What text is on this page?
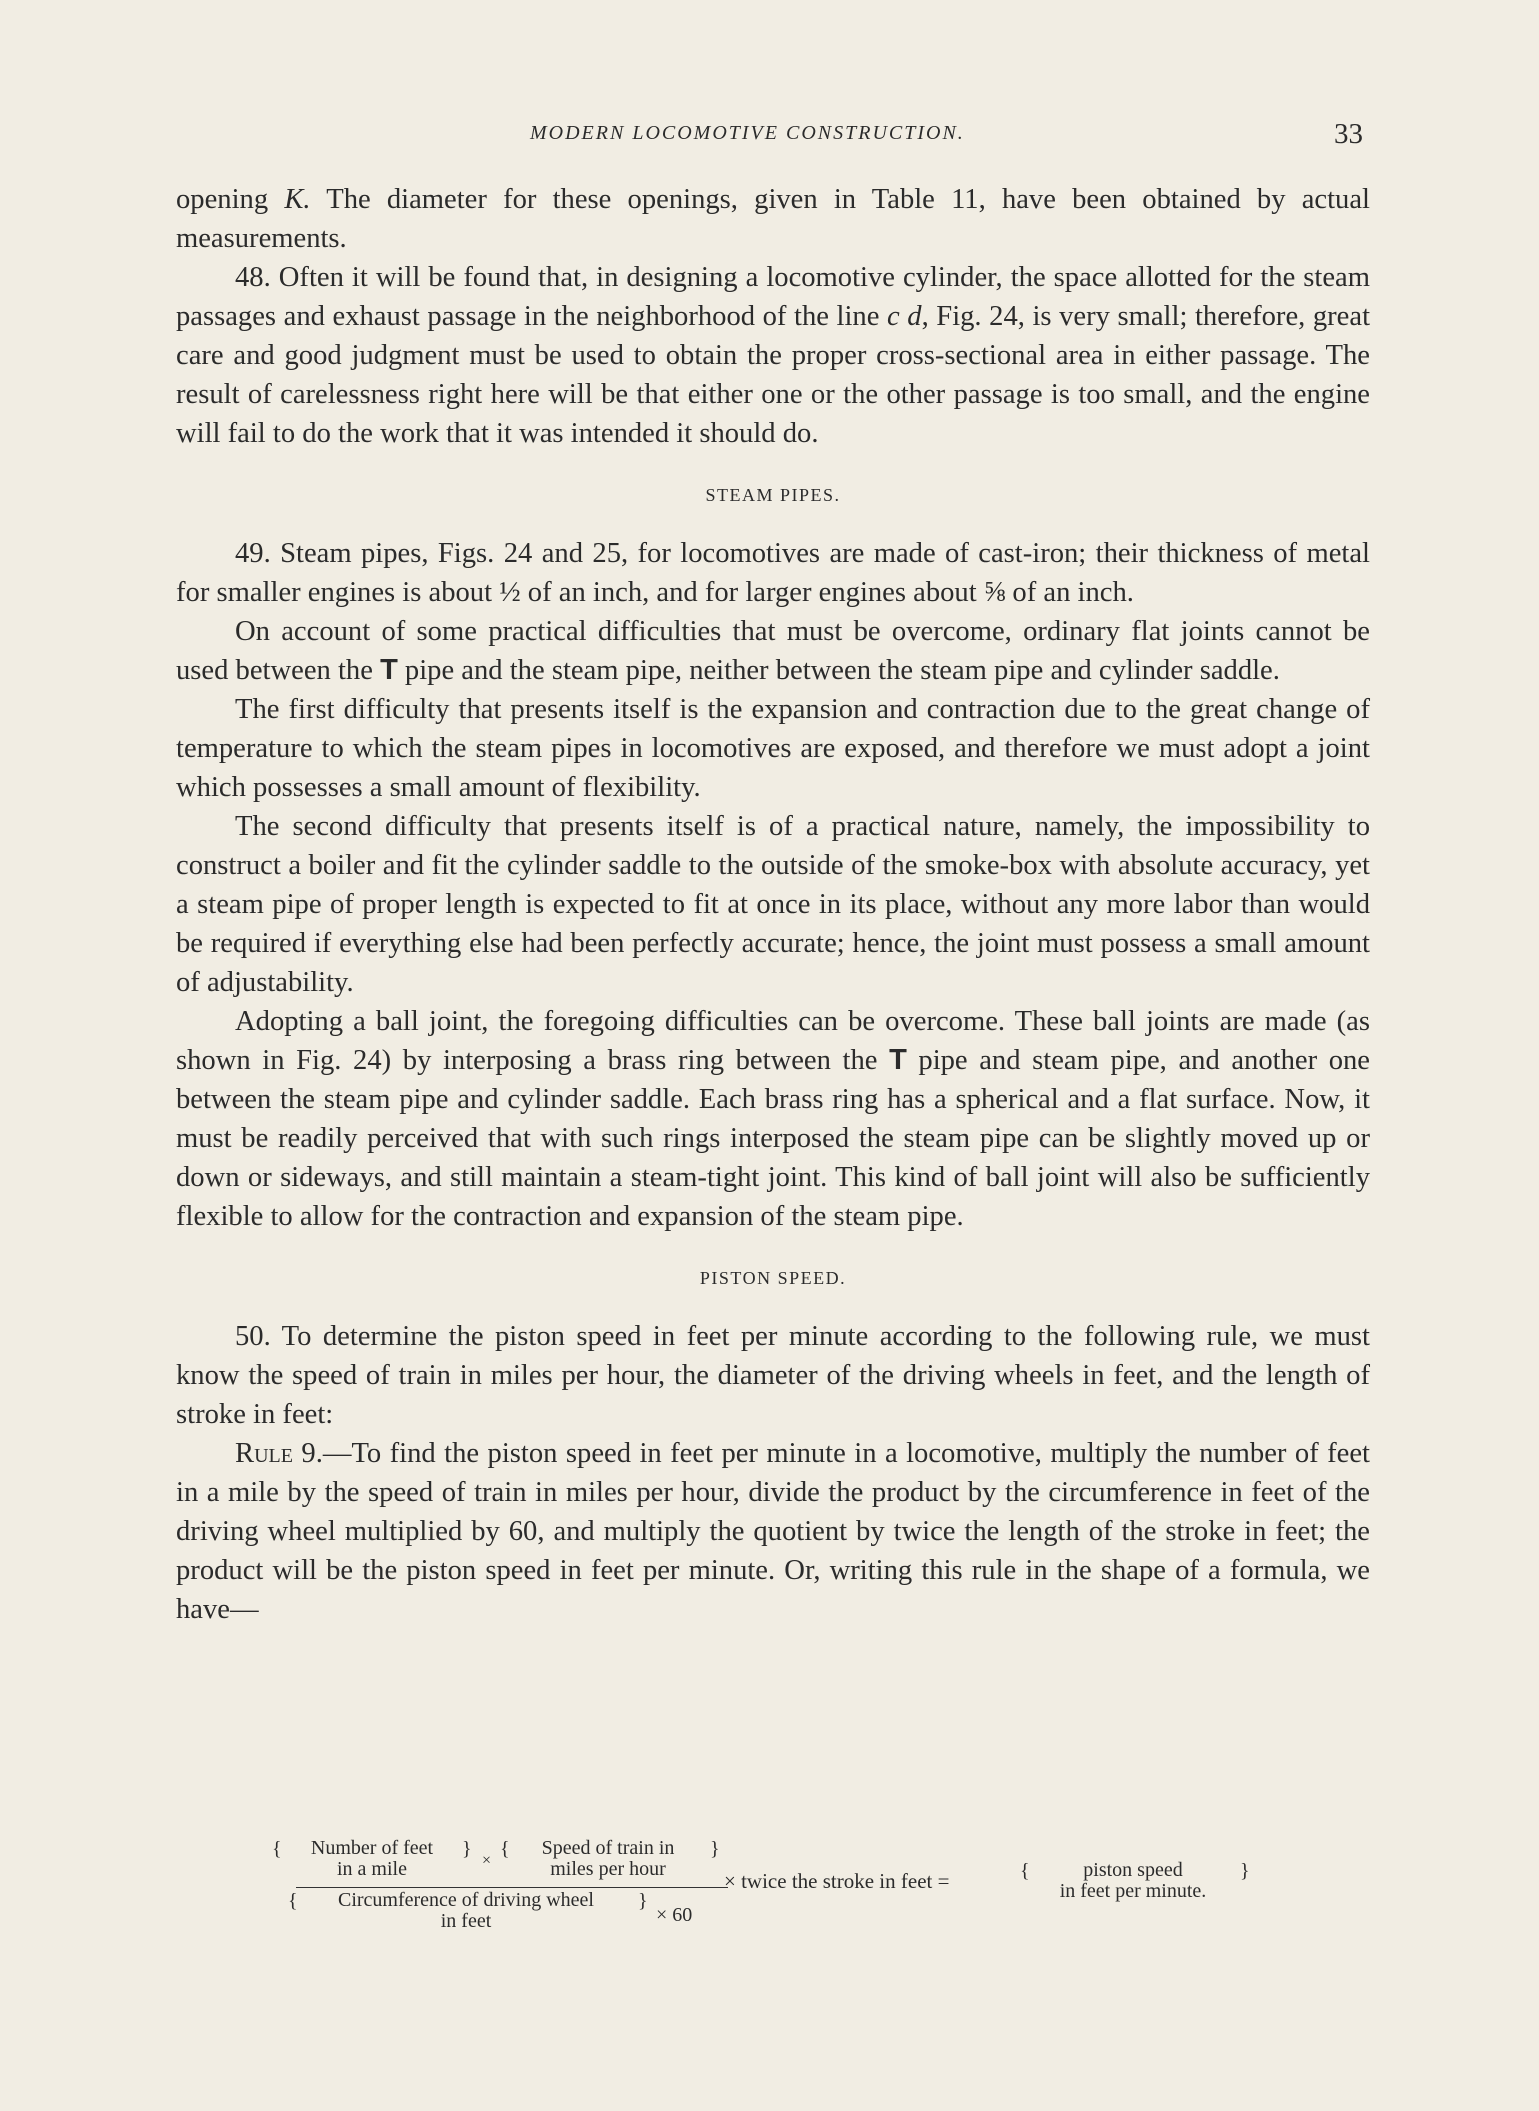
MODERN LOCOMOTIVE CONSTRUCTION.	33

opening K. The diameter for these openings, given in Table 11, have been obtained by actual measurements.

48. Often it will be found that, in designing a locomotive cylinder, the space allotted for the steam passages and exhaust passage in the neighborhood of the line c d, Fig. 24, is very small; therefore, great care and good judgment must be used to obtain the proper cross-sectional area in either passage. The result of carelessness right here will be that either one or the other passage is too small, and the engine will fail to do the work that it was intended it should do.

STEAM PIPES.

49. Steam pipes, Figs. 24 and 25, for locomotives are made of cast-iron; their thickness of metal for smaller engines is about ½ of an inch, and for larger engines about ⅝ of an inch.

On account of some practical difficulties that must be overcome, ordinary flat joints cannot be used between the T pipe and the steam pipe, neither between the steam pipe and cylinder saddle.

The first difficulty that presents itself is the expansion and contraction due to the great change of temperature to which the steam pipes in locomotives are exposed, and therefore we must adopt a joint which possesses a small amount of flexibility.

The second difficulty that presents itself is of a practical nature, namely, the impossibility to construct a boiler and fit the cylinder saddle to the outside of the smoke-box with absolute accuracy, yet a steam pipe of proper length is expected to fit at once in its place, without any more labor than would be required if everything else had been perfectly accurate; hence, the joint must possess a small amount of adjustability.

Adopting a ball joint, the foregoing difficulties can be overcome. These ball joints are made (as shown in Fig. 24) by interposing a brass ring between the T pipe and steam pipe, and another one between the steam pipe and cylinder saddle. Each brass ring has a spherical and a flat surface. Now, it must be readily perceived that with such rings interposed the steam pipe can be slightly moved up or down or sideways, and still maintain a steam-tight joint. This kind of ball joint will also be sufficiently flexible to allow for the contraction and expansion of the steam pipe.

PISTON SPEED.

50. To determine the piston speed in feet per minute according to the following rule, we must know the speed of train in miles per hour, the diameter of the driving wheels in feet, and the length of stroke in feet:

Rule 9.—To find the piston speed in feet per minute in a locomotive, multiply the number of feet in a mile by the speed of train in miles per hour, divide the product by the circumference in feet of the driving wheel multiplied by 60, and multiply the quotient by twice the length of the stroke in feet; the product will be the piston speed in feet per minute. Or, writing this rule in the shape of a formula, we have—

Number of feet
in a mile
{	}
×
{	Speed of train in
miles per hour
}
{	Circumference of driving wheel
in feet
}
× 60
× twice the stroke in feet =	{	piston speed
in feet per minute.
}
